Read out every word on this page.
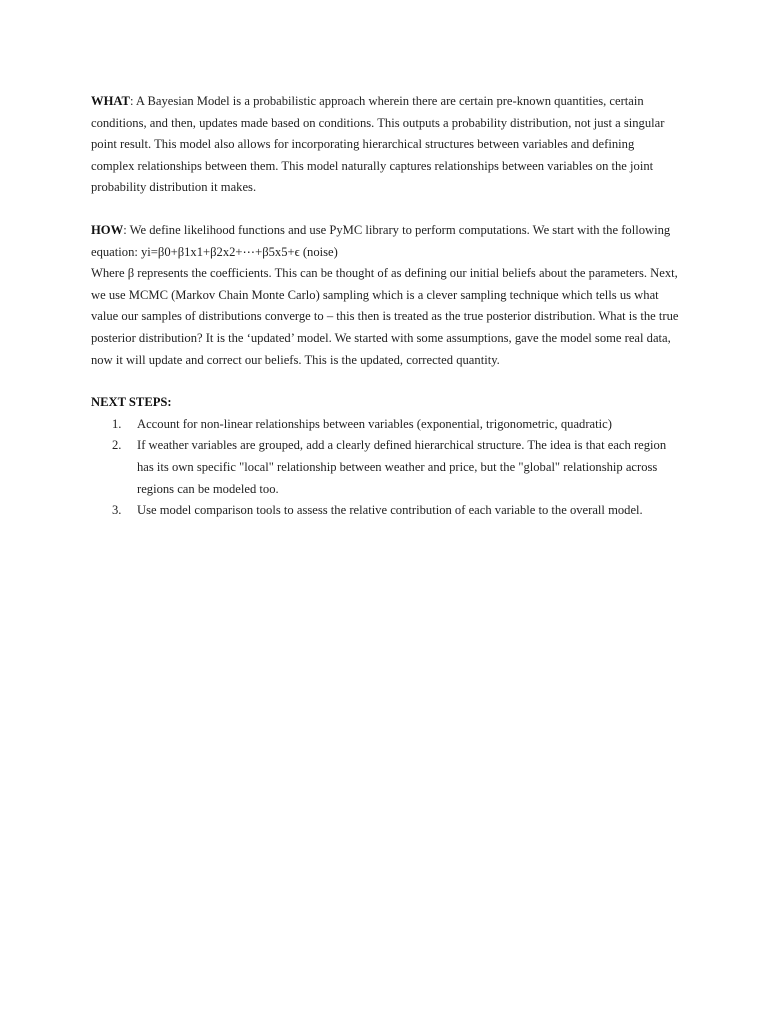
WHAT: A Bayesian Model is a probabilistic approach wherein there are certain pre-known quantities, certain conditions, and then, updates made based on conditions. This outputs a probability distribution, not just a singular point result. This model also allows for incorporating hierarchical structures between variables and defining complex relationships between them. This model naturally captures relationships between variables on the joint probability distribution it makes.

HOW: We define likelihood functions and use PyMC library to perform computations. We start with the following equation: yi=β0+β1x1+β2x2+⋯+β5x5+ϵ (noise)
Where β represents the coefficients. This can be thought of as defining our initial beliefs about the parameters. Next, we use MCMC (Markov Chain Monte Carlo) sampling which is a clever sampling technique which tells us what value our samples of distributions converge to – this then is treated as the true posterior distribution. What is the true posterior distribution? It is the ‘updated’ model. We started with some assumptions, gave the model some real data, now it will update and correct our beliefs. This is the updated, corrected quantity.

NEXT STEPS:

1. Account for non-linear relationships between variables (exponential, trigonometric, quadratic)
2. If weather variables are grouped, add a clearly defined hierarchical structure. The idea is that each region has its own specific "local" relationship between weather and price, but the "global" relationship across regions can be modeled too.
3. Use model comparison tools to assess the relative contribution of each variable to the overall model.
